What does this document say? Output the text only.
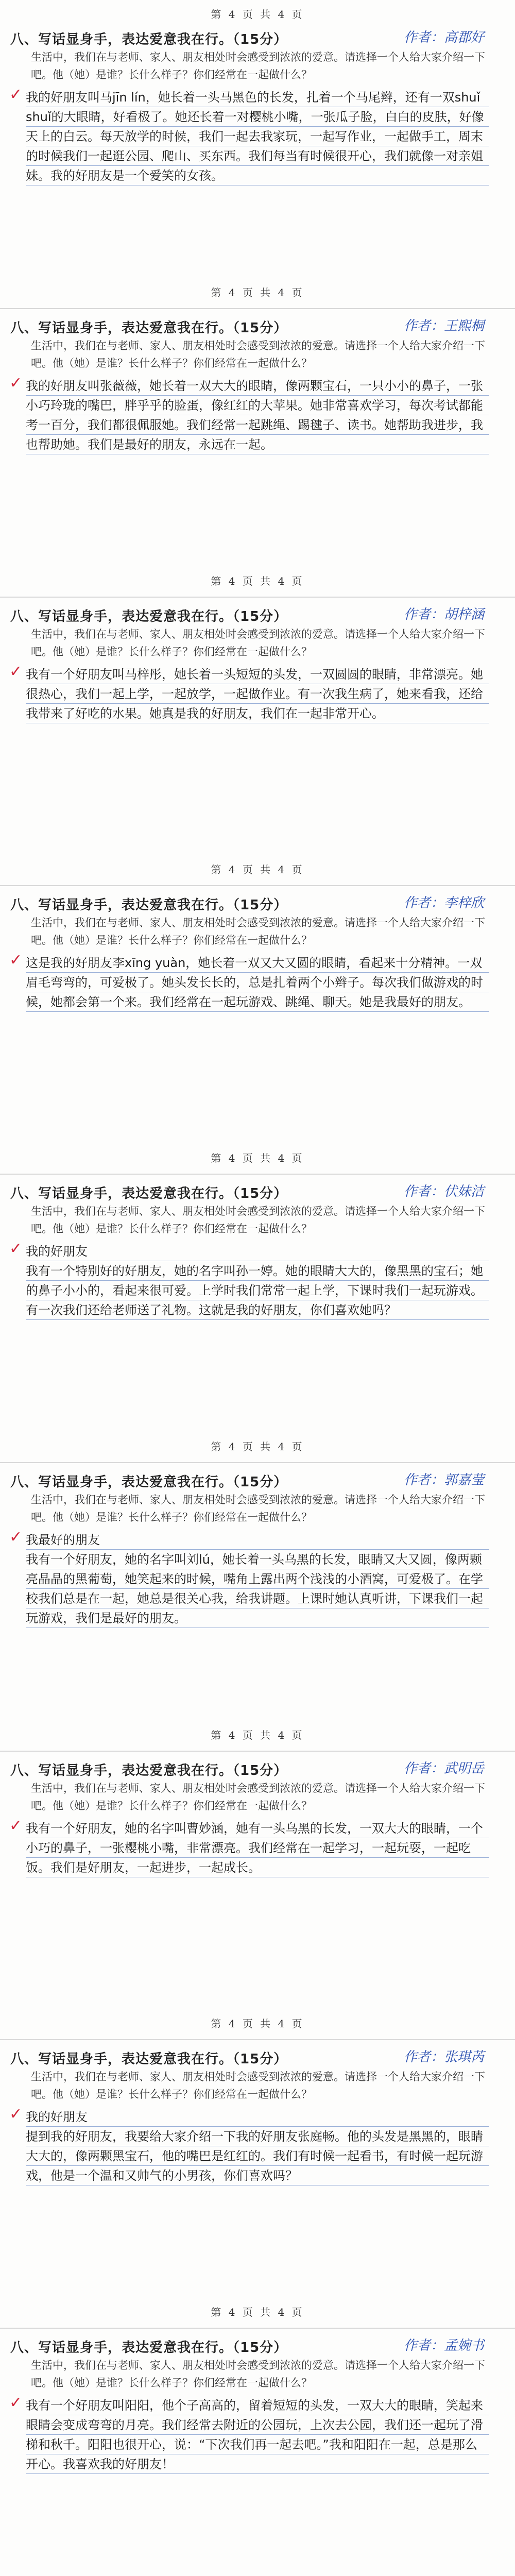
第 4 页 共 4 页
八、写话显身手，表达爱意我在行。（15分）	作者：高郡好
生活中，我们在与老师、家人、朋友相处时会感受到浓浓的爱意。请选择一个人给大家介绍一下吧。他（她）是谁？长什么样子？你们经常在一起做什么？
✓ 我的好朋友叫马jīn lín，她长着一头马黑色的长发，扎着一个马尾辫，还有一双shuǐ shuǐ的大眼睛，好看极了。她还长着一对樱桃小嘴，一张瓜子脸，白白的皮肤，好像天上的白云。每天放学的时候，我们一起去我家玩，一起写作业，一起做手工，周末的时候我们一起逛公园、爬山、买东西。我们每当有时候很开心，我们就像一对亲姐妹。我的好朋友是一个爱笑的女孩。
第 4 页 共 4 页
八、写话显身手，表达爱意我在行。（15分）	作者：王熙桐
生活中，我们在与老师、家人、朋友相处时会感受到浓浓的爱意。请选择一个人给大家介绍一下吧。他（她）是谁？长什么样子？你们经常在一起做什么？
✓ 我的好朋友叫张薇薇，她长着一双大大的眼睛，像两颗宝石，一只小小的鼻子，一张小巧玲珑的嘴巴，胖乎乎的脸蛋，像红红的大苹果。她非常喜欢学习，每次考试都能考一百分，我们都很佩服她。我们经常一起跳绳、踢毽子、读书。她帮助我进步，我也帮助她。我们是最好的朋友，永远在一起。
第 4 页 共 4 页
八、写话显身手，表达爱意我在行。（15分）	作者：胡梓涵
生活中，我们在与老师、家人、朋友相处时会感受到浓浓的爱意。请选择一个人给大家介绍一下吧。他（她）是谁？长什么样子？你们经常在一起做什么？
✓ 我有一个好朋友叫马梓彤，她长着一头短短的头发，一双圆圆的眼睛，非常漂亮。她很热心，我们一起上学，一起放学，一起做作业。有一次我生病了，她来看我，还给我带来了好吃的水果。她真是我的好朋友，我们在一起非常开心。
第 4 页 共 4 页
八、写话显身手，表达爱意我在行。（15分）	作者：李梓欣
生活中，我们在与老师、家人、朋友相处时会感受到浓浓的爱意。请选择一个人给大家介绍一下吧。他（她）是谁？长什么样子？你们经常在一起做什么？
✓ 这是我的好朋友李xīng yuàn，她长着一双又大又圆的眼睛，看起来十分精神。一双眉毛弯弯的，可爱极了。她头发长长的，总是扎着两个小辫子。每次我们做游戏的时候，她都会第一个来。我们经常在一起玩游戏、跳绳、聊天。她是我最好的朋友。
第 4 页 共 4 页
八、写话显身手，表达爱意我在行。（15分）	作者：伏妹洁
生活中，我们在与老师、家人、朋友相处时会感受到浓浓的爱意。请选择一个人给大家介绍一下吧。他（她）是谁？长什么样子？你们经常在一起做什么？
✓ 我的好朋友
我有一个特别好的好朋友，她的名字叫孙一婷。她的眼睛大大的，像黑黑的宝石；她的鼻子小小的，看起来很可爱。上学时我们常常一起上学，下课时我们一起玩游戏。有一次我们还给老师送了礼物。这就是我的好朋友，你们喜欢她吗？
第 4 页 共 4 页
八、写话显身手，表达爱意我在行。（15分）	作者：郭嘉莹
生活中，我们在与老师、家人、朋友相处时会感受到浓浓的爱意。请选择一个人给大家介绍一下吧。他（她）是谁？长什么样子？你们经常在一起做什么？
✓ 我最好的朋友
我有一个好朋友，她的名字叫刘lú，她长着一头乌黑的长发，眼睛又大又圆，像两颗亮晶晶的黑葡萄，她笑起来的时候，嘴角上露出两个浅浅的小酒窝，可爱极了。在学校我们总是在一起，她总是很关心我，给我讲题。上课时她认真听讲，下课我们一起玩游戏，我们是最好的朋友。
第 4 页 共 4 页
八、写话显身手，表达爱意我在行。（15分）	作者：武明岳
生活中，我们在与老师、家人、朋友相处时会感受到浓浓的爱意。请选择一个人给大家介绍一下吧。他（她）是谁？长什么样子？你们经常在一起做什么？
✓ 我有一个好朋友，她的名字叫曹妙涵，她有一头乌黑的长发，一双大大的眼睛，一个小巧的鼻子，一张樱桃小嘴，非常漂亮。我们经常在一起学习，一起玩耍，一起吃饭。我们是好朋友，一起进步，一起成长。
第 4 页 共 4 页
八、写话显身手，表达爱意我在行。（15分）	作者：张琪芮
生活中，我们在与老师、家人、朋友相处时会感受到浓浓的爱意。请选择一个人给大家介绍一下吧。他（她）是谁？长什么样子？你们经常在一起做什么？
✓ 我的好朋友
提到我的好朋友，我要给大家介绍一下我的好朋友张庭畅。他的头发是黑黑的，眼睛大大的，像两颗黑宝石，他的嘴巴是红红的。我们有时候一起看书，有时候一起玩游戏，他是一个温和又帅气的小男孩，你们喜欢吗？
第 4 页 共 4 页
八、写话显身手，表达爱意我在行。（15分）	作者：孟婉书
生活中，我们在与老师、家人、朋友相处时会感受到浓浓的爱意。请选择一个人给大家介绍一下吧。他（她）是谁？长什么样子？你们经常在一起做什么？
✓ 我有一个好朋友叫阳阳，他个子高高的，留着短短的头发，一双大大的眼睛，笑起来眼睛会变成弯弯的月亮。我们经常去附近的公园玩，上次去公园，我们还一起玩了滑梯和秋千。阳阳也很开心，说：“下次我们再一起去吧。”我和阳阳在一起，总是那么开心。我喜欢我的好朋友！
